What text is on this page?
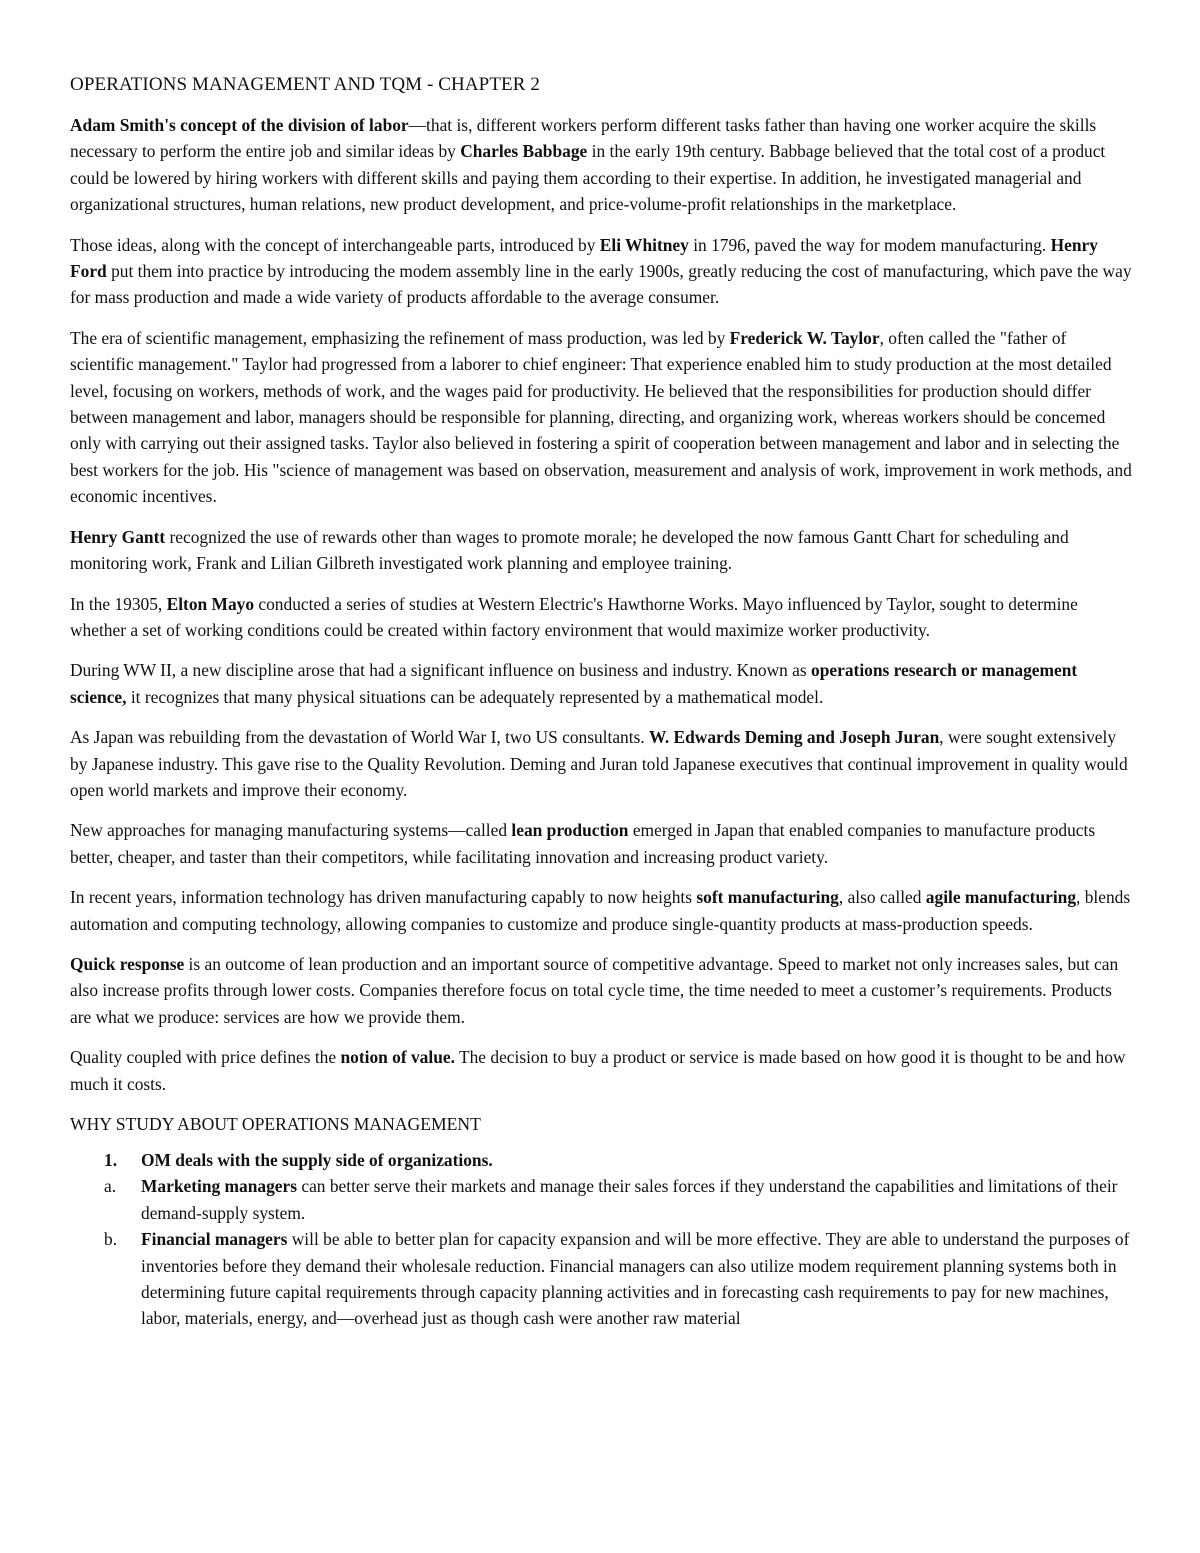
OPERATIONS MANAGEMENT AND TQM - CHAPTER 2

Adam Smith's concept of the division of labor—that is, different workers perform different tasks father than having one worker acquire the skills necessary to perform the entire job and similar ideas by Charles Babbage in the early 19th century. Babbage believed that the total cost of a product could be lowered by hiring workers with different skills and paying them according to their expertise. In addition, he investigated managerial and organizational structures, human relations, new product development, and price-volume-profit relationships in the marketplace.

Those ideas, along with the concept of interchangeable parts, introduced by Eli Whitney in 1796, paved the way for modem manufacturing. Henry Ford put them into practice by introducing the modem assembly line in the early 1900s, greatly reducing the cost of manufacturing, which pave the way for mass production and made a wide variety of products affordable to the average consumer.

The era of scientific management, emphasizing the refinement of mass production, was led by Frederick W. Taylor, often called the "father of scientific management." Taylor had progressed from a laborer to chief engineer: That experience enabled him to study production at the most detailed level, focusing on workers, methods of work, and the wages paid for productivity. He believed that the responsibilities for production should differ between management and labor, managers should be responsible for planning, directing, and organizing work, whereas workers should be concemed only with carrying out their assigned tasks. Taylor also believed in fostering a spirit of cooperation between management and labor and in selecting the best workers for the job. His "science of management was based on observation, measurement and analysis of work, improvement in work methods, and economic incentives.

Henry Gantt recognized the use of rewards other than wages to promote morale; he developed the now famous Gantt Chart for scheduling and monitoring work, Frank and Lilian Gilbreth investigated work planning and employee training.

In the 19305, Elton Mayo conducted a series of studies at Western Electric's Hawthorne Works. Mayo influenced by Taylor, sought to determine whether a set of working conditions could be created within factory environment that would maximize worker productivity.

During WW II, a new discipline arose that had a significant influence on business and industry. Known as operations research or management science, it recognizes that many physical situations can be adequately represented by a mathematical model.

As Japan was rebuilding from the devastation of World War I, two US consultants. W. Edwards Deming and Joseph Juran, were sought extensively by Japanese industry. This gave rise to the Quality Revolution. Deming and Juran told Japanese executives that continual improvement in quality would open world markets and improve their economy.

New approaches for managing manufacturing systems—called lean production emerged in Japan that enabled companies to manufacture products better, cheaper, and taster than their competitors, while facilitating innovation and increasing product variety.

In recent years, information technology has driven manufacturing capably to now heights soft manufacturing, also called agile manufacturing, blends automation and computing technology, allowing companies to customize and produce single-quantity products at mass-production speeds.

Quick response is an outcome of lean production and an important source of competitive advantage. Speed to market not only increases sales, but can also increase profits through lower costs. Companies therefore focus on total cycle time, the time needed to meet a customer’s requirements. Products are what we produce: services are how we provide them.

Quality coupled with price defines the notion of value. The decision to buy a product or service is made based on how good it is thought to be and how much it costs.

WHY STUDY ABOUT OPERATIONS MANAGEMENT
1. OM deals with the supply side of organizations.
a. Marketing managers can better serve their markets and manage their sales forces if they understand the capabilities and limitations of their demand-supply system.
b. Financial managers will be able to better plan for capacity expansion and will be more effective. They are able to understand the purposes of inventories before they demand their wholesale reduction. Financial managers can also utilize modem requirement planning systems both in determining future capital requirements through capacity planning activities and in forecasting cash requirements to pay for new machines, labor, materials, energy, and—overhead just as though cash were another raw material
